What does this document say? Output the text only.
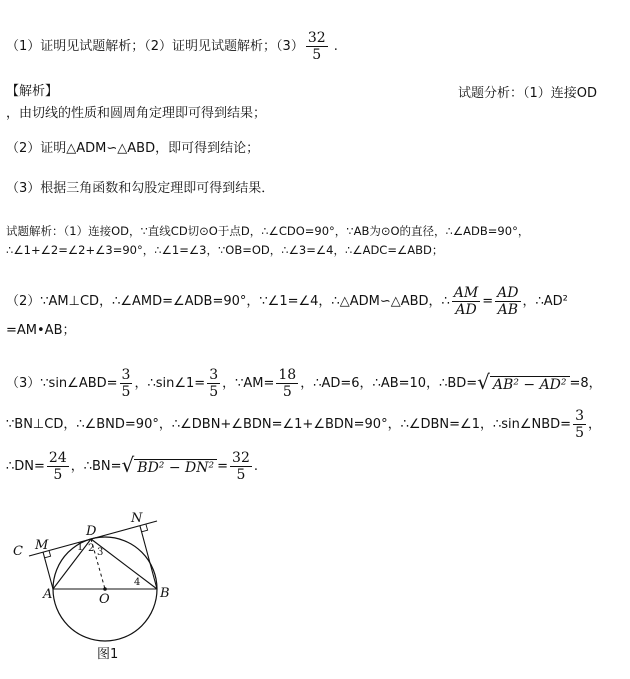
（1）证明见试题解析；（2）证明见试题解析；$(3) \frac{32}{5}$ .
【解析】	试题分析：（1）连接OD
，由切线的性质和圆周角定理即可得到结果；
（2）证明△ADM∽△ABD，即可得到结论；
（3）根据三角函数和勾股定理即可得到结果．
试题解析：（1）连接OD，∵直线CD切⊙O于点D，∴∠CDO=90°，∵AB为⊙O的直径，∴∠ADB=90°，
∴∠1+∠2=∠2+∠3=90°，∴∠1=∠3，∵OB=OD，∴∠3=∠4，∴∠ADC=∠ABD；
（2）∵AM⊥CD，∴∠AMD=∠ADB=90°，∵∠1=∠4，∴△ADM∽△ABD，∴ $\frac{AM}{AD} = \frac{AD}{AB}$ ，∴AD²
=AM•AB；
（3）∵sin∠ABD= $\frac{3}{5}$ ，∴sin∠1= $\frac{3}{5}$ ，∵AM= $\frac{18}{5}$ ，∴AD=6，∴AB=10，∴BD=√ AB² − AD² =8，
∵BN⊥CD，∴∠BND=90°，∴∠DBN+∠BDN=∠1+∠BDN=90°，∴∠DBN=∠1，∴sin∠NBD= $\frac{3}{5}$ ，
∴DN= $\frac{24}{5}$ ，∴BN=√ $BD^2 - DN^2 = \frac{32}{5}$ .
C M
D
N
A	O	B
1 2 3
4
图1
